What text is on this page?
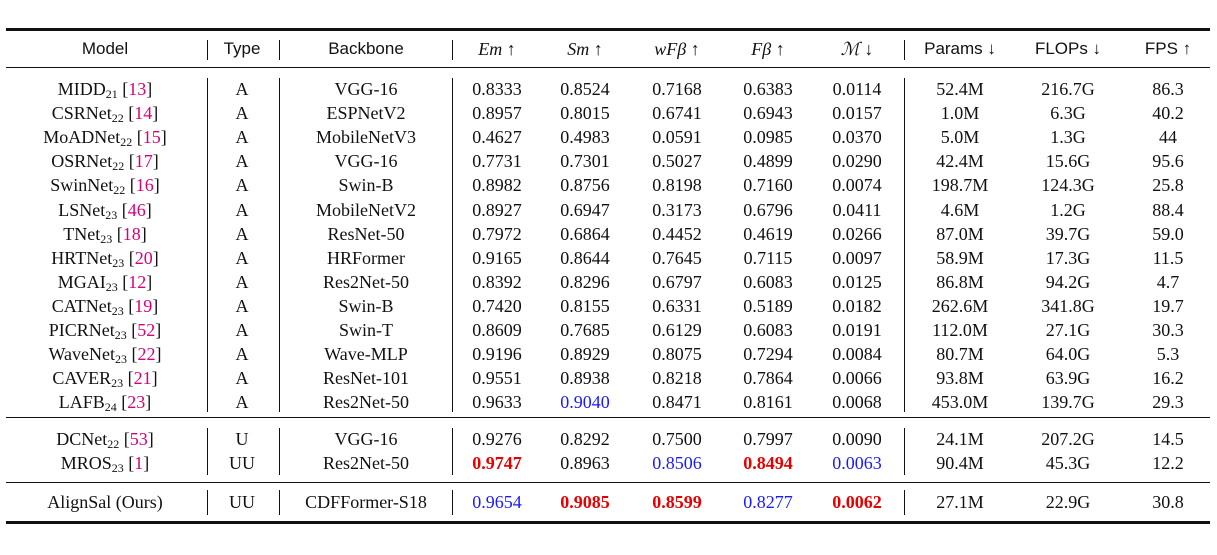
Model	Type	Backbone	Em ↑	Sm ↑	wFβ ↑	Fβ ↑	ℳ ↓	Params ↓ FLOPs ↓	FPS ↑
$MIDD_{21}$ [13]	A	VGG-16	0.8333 0.8524 0.7168 0.6383 0.0114	52.4M	216.7G	86.3
CSRNet$_{22}$ [14]	A	ESPNetV2	0.8957 0.8015 0.6741 0.6943 0.0157	1.0M	6.3G	40.2
MoADNet$_{22}$ [15]	A	MobileNetV3	0.4627 0.4983 0.0591 0.0985 0.0370	5.0M	1.3G	44
OSRNet$_{22}$ [17]	A	VGG-16	0.7731 0.7301 0.5027 0.4899 0.0290	42.4M	15.6G	95.6
SwinNet$_{22}$ [16]	A	Swin-B	0.8982 0.8756 0.8198 0.7160 0.0074	198.7M	124.3G	25.8
LSNet$_{23}$ [46]	A	MobileNetV2	0.8927 0.6947 0.3173 0.6796 0.0411	4.6M	1.2G	88.4
TNet$_{23}$ [18]	A	ResNet-50	0.7972 0.6864 0.4452 0.4619 0.0266	87.0M	39.7G	59.0
HRTNet$_{23}$ [20]	A	HRFormer	0.9165 0.8644 0.7645 0.7115 0.0097	58.9M	17.3G	11.5
$MGAI_{23}$ [12]	A	Res2Net-50	0.8392 0.8296 0.6797 0.6083 0.0125	86.8M	94.2G	4.7
CATNet$_{23}$ [19]	A	Swin-B	0.7420 0.8155 0.6331 0.5189 0.0182	262.6M	341.8G	19.7
PICRNet$_{23}$ [52]	A	Swin-T	0.8609 0.7685 0.6129 0.6083 0.0191	112.0M	27.1G	30.3
WaveNet$_{23}$ [22]	A	Wave-MLP	0.9196 0.8929 0.8075 0.7294 0.0084	80.7M	64.0G	5.3
$CAVER_{23}$ [21]	A	ResNet-101	0.9551 0.8938 0.8218 0.7864 0.0066	93.8M	63.9G	16.2
$LAFB_{24}$ [23]	A	Res2Net-50	0.9633 0.9040 0.8471 0.8161 0.0068	453.0M	139.7G	29.3
DCNet$_{22}$ [53]	U	VGG-16	0.9276 0.8292 0.7500 0.7997 0.0090	24.1M	207.2G	14.5
$MROS_{23}$ [1]	UU	Res2Net-50	0.9747 0.8963 0.8506 0.8494 0.0063	90.4M	45.3G	12.2
AlignSal (Ours)	UU	CDFFormer-S18	0.9654 0.9085 0.8599 0.8277 0.0062	27.1M	22.9G	30.8
